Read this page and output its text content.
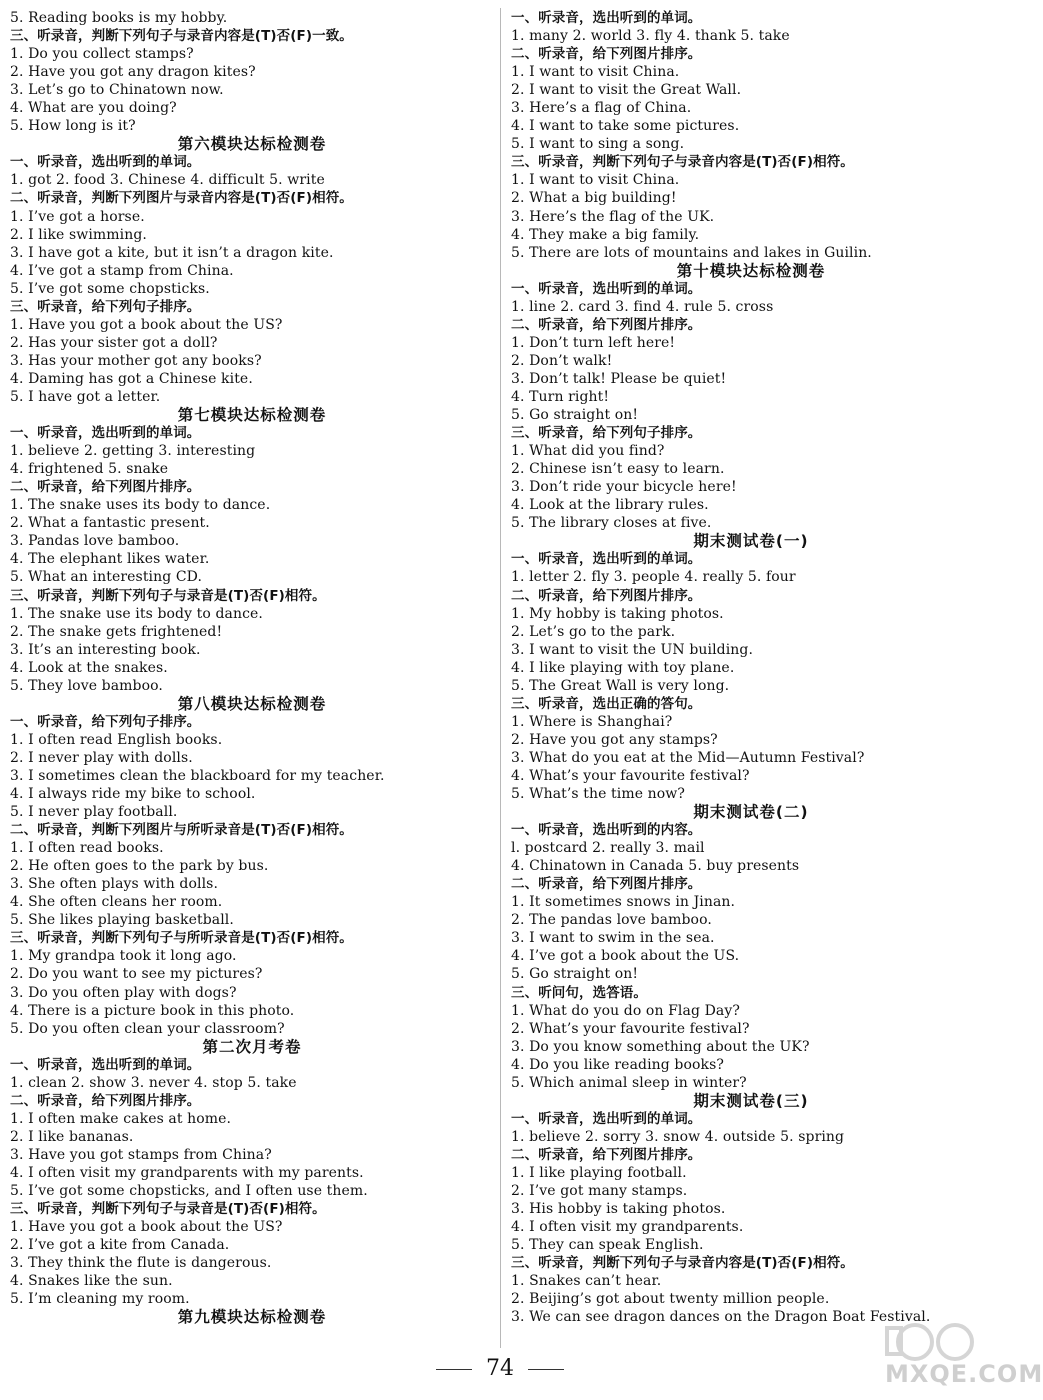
5. Reading books is my hobby.
三、听录音，判断下列句子与录音内容是(T)否(F)一致。
1. Do you collect stamps?
2. Have you got any dragon kites?
3. Let’s go to Chinatown now.
4. What are you doing?
5. How long is it?
第六模块达标检测卷
一、听录音，选出听到的单词。
1. got 2. food 3. Chinese 4. difficult 5. write
二、听录音，判断下列图片与录音内容是(T)否(F)相符。
1. I’ve got a horse.
2. I like swimming.
3. I have got a kite, but it isn’t a dragon kite.
4. I’ve got a stamp from China.
5. I’ve got some chopsticks.
三、听录音，给下列句子排序。
1. Have you got a book about the US?
2. Has your sister got a doll?
3. Has your mother got any books?
4. Daming has got a Chinese kite.
5. I have got a letter.
第七模块达标检测卷
一、听录音，选出听到的单词。
1. believe 2. getting 3. interesting
4. frightened 5. snake
二、听录音，给下列图片排序。
1. The snake uses its body to dance.
2. What a fantastic present.
3. Pandas love bamboo.
4. The elephant likes water.
5. What an interesting CD.
三、听录音，判断下列句子与录音是(T)否(F)相符。
1. The snake use its body to dance.
2. The snake gets frightened!
3. It’s an interesting book.
4. Look at the snakes.
5. They love bamboo.
第八模块达标检测卷
一、听录音，给下列句子排序。
1. I often read English books.
2. I never play with dolls.
3. I sometimes clean the blackboard for my teacher.
4. I always ride my bike to school.
5. I never play football.
二、听录音，判断下列图片与所听录音是(T)否(F)相符。
1. I often read books.
2. He often goes to the park by bus.
3. She often plays with dolls.
4. She often cleans her room.
5. She likes playing basketball.
三、听录音，判断下列句子与所听录音是(T)否(F)相符。
1. My grandpa took it long ago.
2. Do you want to see my pictures?
3. Do you often play with dogs?
4. There is a picture book in this photo.
5. Do you often clean your classroom?
第二次月考卷
一、听录音，选出听到的单词。
1. clean 2. show 3. never 4. stop 5. take
二、听录音，给下列图片排序。
1. I often make cakes at home.
2. I like bananas.
3. Have you got stamps from China?
4. I often visit my grandparents with my parents.
5. I’ve got some chopsticks, and I often use them.
三、听录音，判断下列句子与录音是(T)否(F)相符。
1. Have you got a book about the US?
2. I’ve got a kite from Canada.
3. They think the flute is dangerous.
4. Snakes like the sun.
5. I’m cleaning my room.
第九模块达标检测卷
一、听录音，选出听到的单词。
1. many 2. world 3. fly 4. thank 5. take
二、听录音，给下列图片排序。
1. I want to visit China.
2. I want to visit the Great Wall.
3. Here’s a flag of China.
4. I want to take some pictures.
5. I want to sing a song.
三、听录音，判断下列句子与录音内容是(T)否(F)相符。
1. I want to visit China.
2. What a big building!
3. Here’s the flag of the UK.
4. They make a big family.
5. There are lots of mountains and lakes in Guilin.
第十模块达标检测卷
一、听录音，选出听到的单词。
1. line 2. card 3. find 4. rule 5. cross
二、听录音，给下列图片排序。
1. Don’t turn left here!
2. Don’t walk!
3. Don’t talk! Please be quiet!
4. Turn right!
5. Go straight on!
三、听录音，给下列句子排序。
1. What did you find?
2. Chinese isn’t easy to learn.
3. Don’t ride your bicycle here!
4. Look at the library rules.
5. The library closes at five.
期末测试卷(一)
一、听录音，选出听到的单词。
1. letter 2. fly 3. people 4. really 5. four
二、听录音，给下列图片排序。
1. My hobby is taking photos.
2. Let’s go to the park.
3. I want to visit the UN building.
4. I like playing with toy plane.
5. The Great Wall is very long.
三、听录音，选出正确的答句。
1. Where is Shanghai?
2. Have you got any stamps?
3. What do you eat at the Mid—Autumn Festival?
4. What’s your favourite festival?
5. What’s the time now?
期末测试卷(二)
一、听录音，选出听到的内容。
l. postcard 2. really 3. mail
4. Chinatown in Canada 5. buy presents
二、听录音，给下列图片排序。
1. It sometimes snows in Jinan.
2. The pandas love bamboo.
3. I want to swim in the sea.
4. I’ve got a book about the US.
5. Go straight on!
三、听问句，选答语。
1. What do you do on Flag Day?
2. What’s your favourite festival?
3. Do you know something about the UK?
4. Do you like reading books?
5. Which animal sleep in winter?
期末测试卷(三)
一、听录音，选出听到的单词。
1. believe 2. sorry 3. snow 4. outside 5. spring
二、听录音，给下列图片排序。
1. I like playing football.
2. I’ve got many stamps.
3. His hobby is taking photos.
4. I often visit my grandparents.
5. They can speak English.
三、听录音，判断下列句子与录音内容是(T)否(F)相符。
1. Snakes can’t hear.
2. Beijing’s got about twenty million people.
3. We can see dragon dances on the Dragon Boat Festival.
74	MXQE.COM
